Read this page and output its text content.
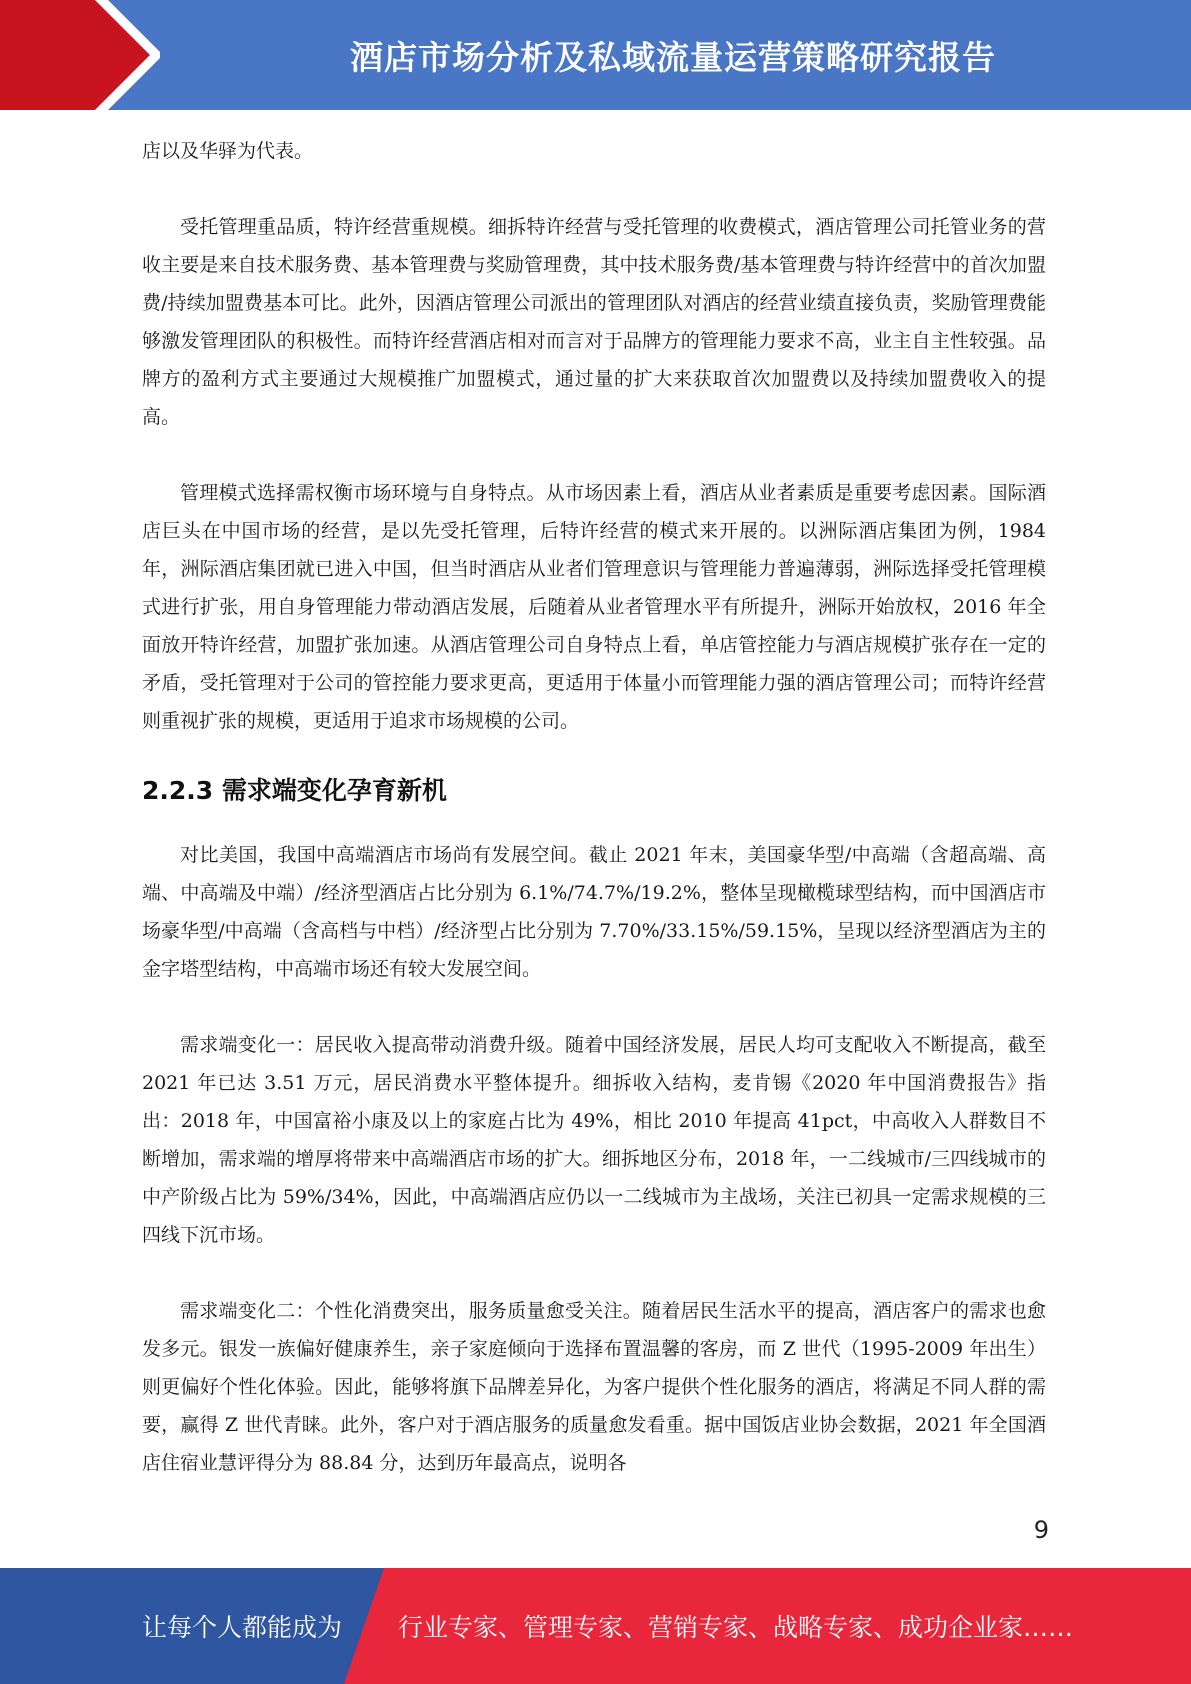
酒店市场分析及私域流量运营策略研究报告

店以及华驿为代表。

受托管理重品质，特许经营重规模。细拆特许经营与受托管理的收费模式，酒店管理公司托管业务的营收主要是来自技术服务费、基本管理费与奖励管理费，其中技术服务费/基本管理费与特许经营中的首次加盟费/持续加盟费基本可比。此外，因酒店管理公司派出的管理团队对酒店的经营业绩直接负责，奖励管理费能够激发管理团队的积极性。而特许经营酒店相对而言对于品牌方的管理能力要求不高，业主自主性较强。品牌方的盈利方式主要通过大规模推广加盟模式，通过量的扩大来获取首次加盟费以及持续加盟费收入的提高。

管理模式选择需权衡市场环境与自身特点。从市场因素上看，酒店从业者素质是重要考虑因素。国际酒店巨头在中国市场的经营，是以先受托管理，后特许经营的模式来开展的。以洲际酒店集团为例，1984 年，洲际酒店集团就已进入中国，但当时酒店从业者们管理意识与管理能力普遍薄弱，洲际选择受托管理模式进行扩张，用自身管理能力带动酒店发展，后随着从业者管理水平有所提升，洲际开始放权，2016 年全面放开特许经营，加盟扩张加速。从酒店管理公司自身特点上看，单店管控能力与酒店规模扩张存在一定的矛盾，受托管理对于公司的管控能力要求更高，更适用于体量小而管理能力强的酒店管理公司；而特许经营则重视扩张的规模，更适用于追求市场规模的公司。

2.2.3 需求端变化孕育新机

对比美国，我国中高端酒店市场尚有发展空间。截止 2021 年末，美国豪华型/中高端（含超高端、高端、中高端及中端）/经济型酒店占比分别为 6.1%/74.7%/19.2%，整体呈现橄榄球型结构，而中国酒店市场豪华型/中高端（含高档与中档）/经济型占比分别为 7.70%/33.15%/59.15%，呈现以经济型酒店为主的金字塔型结构，中高端市场还有较大发展空间。

需求端变化一：居民收入提高带动消费升级。随着中国经济发展，居民人均可支配收入不断提高，截至 2021 年已达 3.51 万元，居民消费水平整体提升。细拆收入结构，麦肯锡《2020 年中国消费报告》指出：2018 年，中国富裕小康及以上的家庭占比为 49%，相比 2010 年提高 41pct，中高收入人群数目不断增加，需求端的增厚将带来中高端酒店市场的扩大。细拆地区分布，2018 年，一二线城市/三四线城市的中产阶级占比为 59%/34%，因此，中高端酒店应仍以一二线城市为主战场，关注已初具一定需求规模的三四线下沉市场。

需求端变化二：个性化消费突出，服务质量愈受关注。随着居民生活水平的提高，酒店客户的需求也愈发多元。银发一族偏好健康养生，亲子家庭倾向于选择布置温馨的客房，而 Z 世代（1995-2009 年出生）则更偏好个性化体验。因此，能够将旗下品牌差异化，为客户提供个性化服务的酒店，将满足不同人群的需要，赢得 Z 世代青睐。此外，客户对于酒店服务的质量愈发看重。据中国饭店业协会数据，2021 年全国酒店住宿业慧评得分为 88.84 分，达到历年最高点，说明各

9
让每个人都能成为 行业专家、管理专家、营销专家、战略专家、成功企业家……
